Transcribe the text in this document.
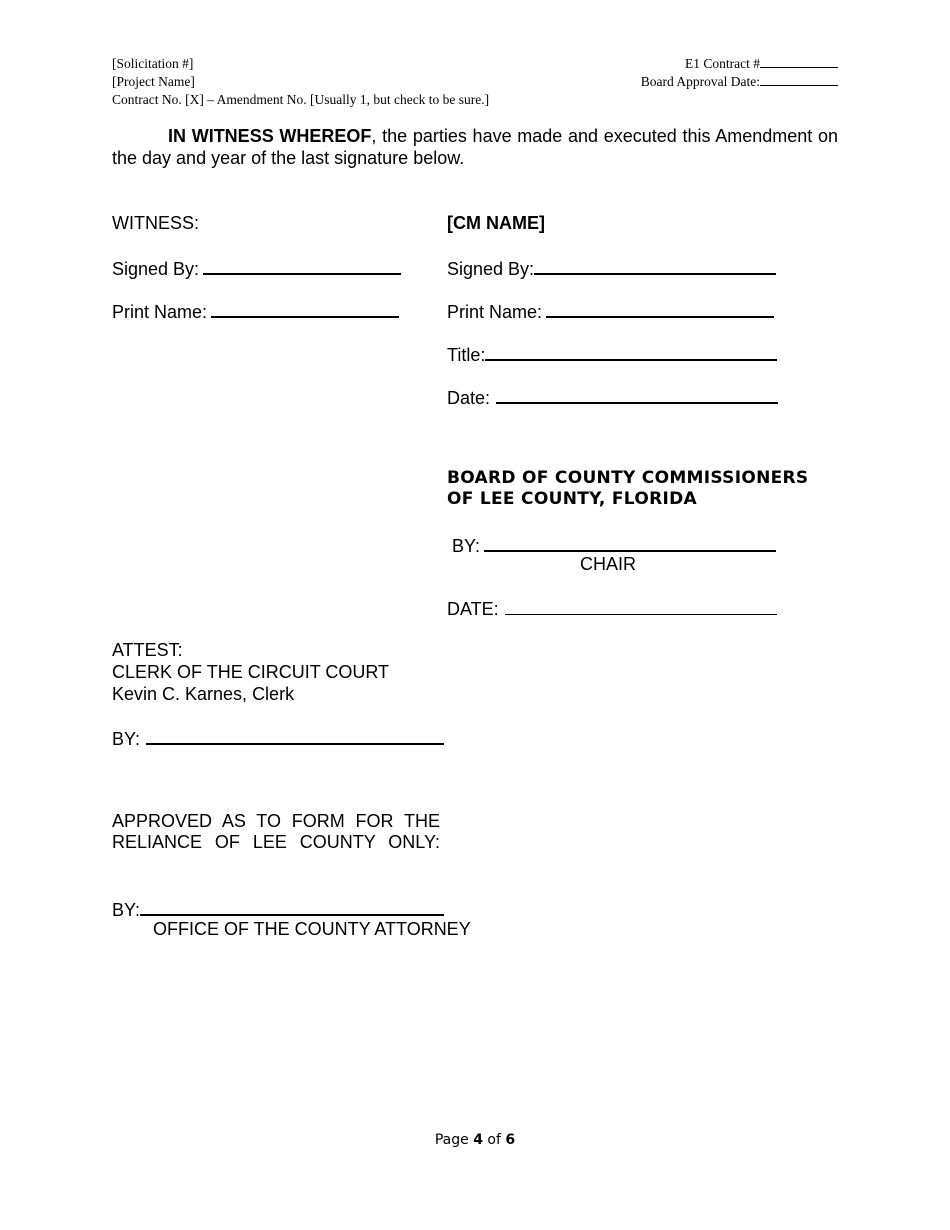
[Solicitation #]
[Project Name]
Contract No. [X] – Amendment No. [Usually 1, but check to be sure.]
E1 Contract #
Board Approval Date:
IN WITNESS WHEREOF, the parties have made and executed this Amendment on the day and year of the last signature below.
WITNESS:
Signed By:
Print Name:
[CM NAME]
Signed By:
Print Name:
Title:
Date:
BOARD OF COUNTY COMMISSIONERS
OF LEE COUNTY, FLORIDA
BY:
CHAIR
DATE:
ATTEST:
CLERK OF THE CIRCUIT COURT
Kevin C. Karnes, Clerk
BY:
APPROVED AS TO FORM FOR THE
RELIANCE OF LEE COUNTY ONLY:
BY:
OFFICE OF THE COUNTY ATTORNEY
Page 4 of 6
